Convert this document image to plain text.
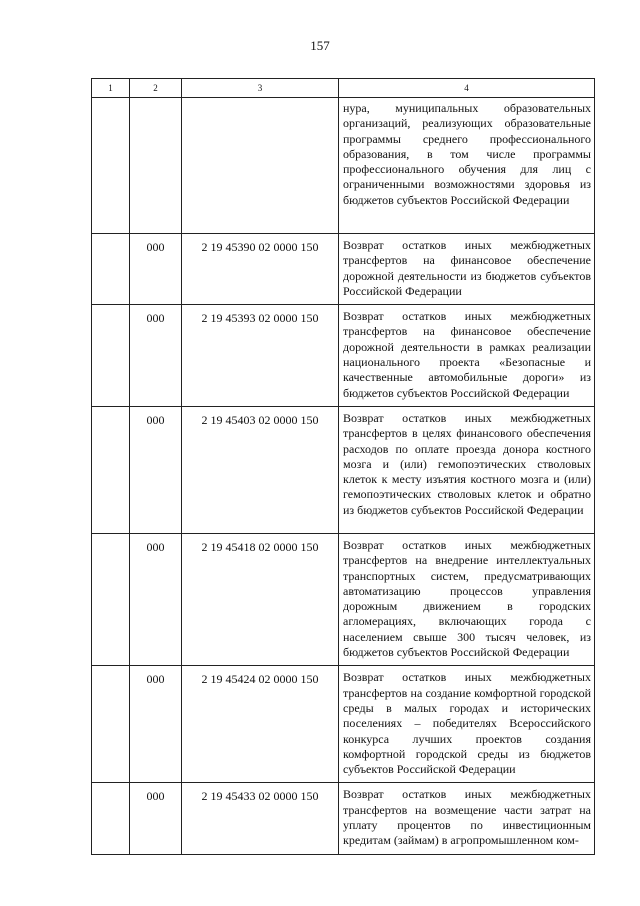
157
1	2	3	4
			нура, муниципальных образовательных организаций, реализующих образовательные программы среднего профессионального образования, в том числе программы профессионального обучения для лиц с ограниченными возможностями здоровья из бюджетов субъектов Российской Федерации
	000	2 19 45390 02 0000 150	Возврат остатков иных межбюджетных трансфертов на финансовое обеспечение дорожной деятельности из бюджетов субъектов Российской Федерации
	000	2 19 45393 02 0000 150	Возврат остатков иных межбюджетных трансфертов на финансовое обеспечение дорожной деятельности в рамках реализации национального проекта «Безопасные и качественные автомобильные дороги» из бюджетов субъектов Российской Федерации
	000	2 19 45403 02 0000 150	Возврат остатков иных межбюджетных трансфертов в целях финансового обеспечения расходов по оплате проезда донора костного мозга и (или) гемопоэтических стволовых клеток к месту изъятия костного мозга и (или) гемопоэтических стволовых клеток и обратно из бюджетов субъектов Российской Федерации
	000	2 19 45418 02 0000 150	Возврат остатков иных межбюджетных трансфертов на внедрение интеллектуальных транспортных систем, предусматривающих автоматизацию процессов управления дорожным движением в городских агломерациях, включающих города с населением свыше 300 тысяч человек, из бюджетов субъектов Российской Федерации
	000	2 19 45424 02 0000 150	Возврат остатков иных межбюджетных трансфертов на создание комфортной городской среды в малых городах и исторических поселениях – победителях Всероссийского конкурса лучших проектов создания комфортной городской среды из бюджетов субъектов Российской Федерации
	000	2 19 45433 02 0000 150	Возврат остатков иных межбюджетных трансфертов на возмещение части затрат на уплату процентов по инвестиционным кредитам (займам) в агропромышленном ком-
